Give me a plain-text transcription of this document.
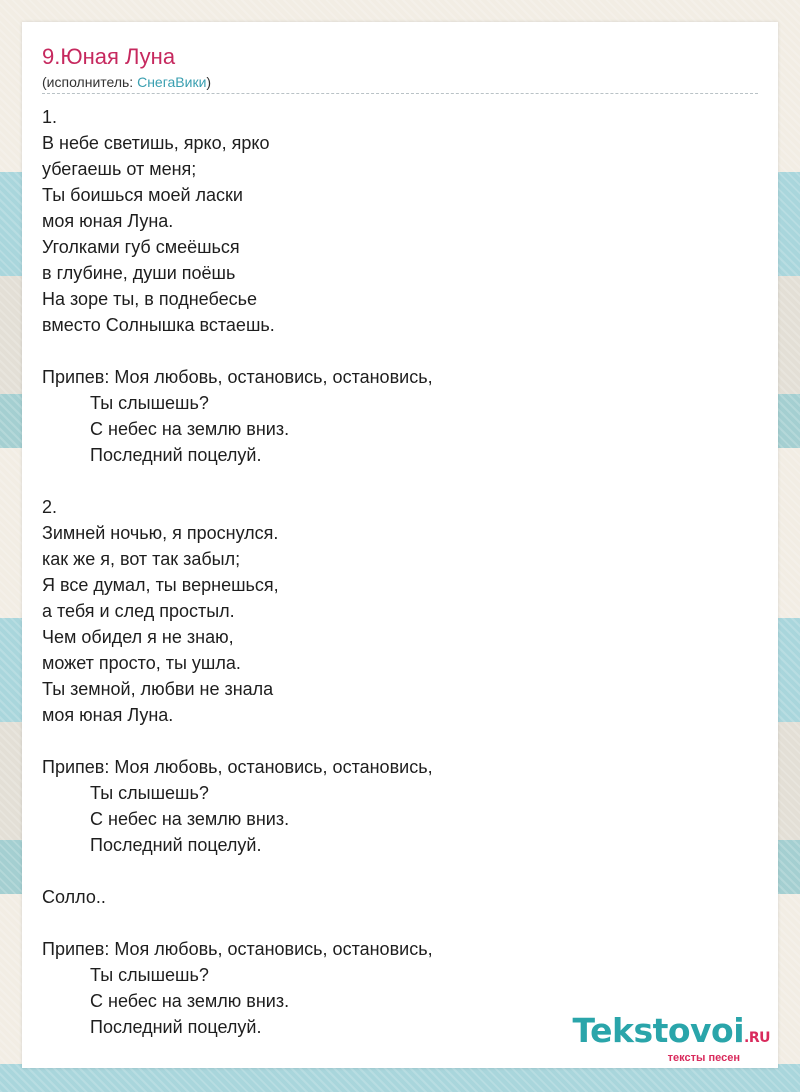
9.Юная Луна
(исполнитель: СнегаВики)
1.
В небе светишь, ярко, ярко
убегаешь от меня;
Ты боишься моей ласки
моя юная Луна.
Уголками губ смеёшься
в глубине, души поёшь
На зоре ты, в поднебесье
вместо Солнышка встаешь.
Припев: Моя любовь, остановись, остановись,
Ты слышешь?
С небес на землю вниз.
Последний поцелуй.
2.
Зимней ночью, я проснулся.
как же я, вот так забыл;
Я все думал, ты вернешься,
а тебя и след простыл.
Чем обидел я не знаю,
может просто, ты ушла.
Ты земной, любви не знала
моя юная Луна.
Припев: Моя любовь, остановись, остановись,
Ты слышешь?
С небес на землю вниз.
Последний поцелуй.
Солло..
Припев: Моя любовь, остановись, остановись,
Ты слышешь?
С небес на землю вниз.
Последний поцелуй.	Tekstovoi.RU
тексты песен
